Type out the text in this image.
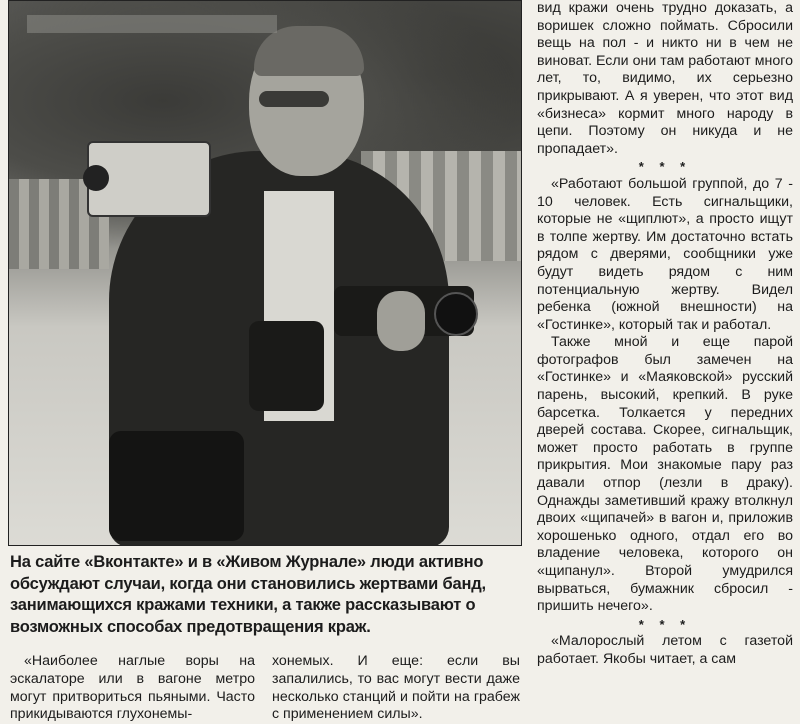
На сайте «Вконтакте» и в «Живом Журнале» люди активно обсуждают случаи, когда они становились жертвами банд, занимающихся кражами техники, а также рассказывают о возможных способах предотвращения краж.

«Наиболее наглые воры на эскалаторе или в вагоне метро могут притвориться пьяными. Часто прикидываются глухонемы-

хонемых. И еще: если вы запалились, то вас могут вести даже несколько станций и пойти на грабеж с применением силы».

вид кражи очень трудно доказать, а воришек сложно поймать. Сбросили вещь на пол - и никто ни в чем не виноват. Если они там работают много лет, то, видимо, их серьезно прикрывают. А я уверен, что этот вид «бизнеса» кормит много народу в цепи. Поэтому он никуда и не пропадает».

* * *

«Работают большой группой, до 7 - 10 человек. Есть сигнальщики, которые не «щиплют», а просто ищут в толпе жертву. Им достаточно встать рядом с дверями, сообщники уже будут видеть рядом с ним потенциальную жертву. Видел ребенка (южной внешности) на «Гостинке», который так и работал.

Также мной и еще парой фотографов был замечен на «Гостинке» и «Маяковской» русский парень, высокий, крепкий. В руке барсетка. Толкается у передних дверей состава. Скорее, сигнальщик, может просто работать в группе прикрытия. Мои знакомые пару раз давали отпор (лезли в драку). Однажды заметивший кражу втолкнул двоих «щипачей» в вагон и, приложив хорошенько одного, отдал его во владение человека, которого он «щипанул». Второй умудрился вырваться, бумажник сбросил - пришить нечего».

* * *

«Малорослый летом с газетой работает. Якобы читает, а сам
